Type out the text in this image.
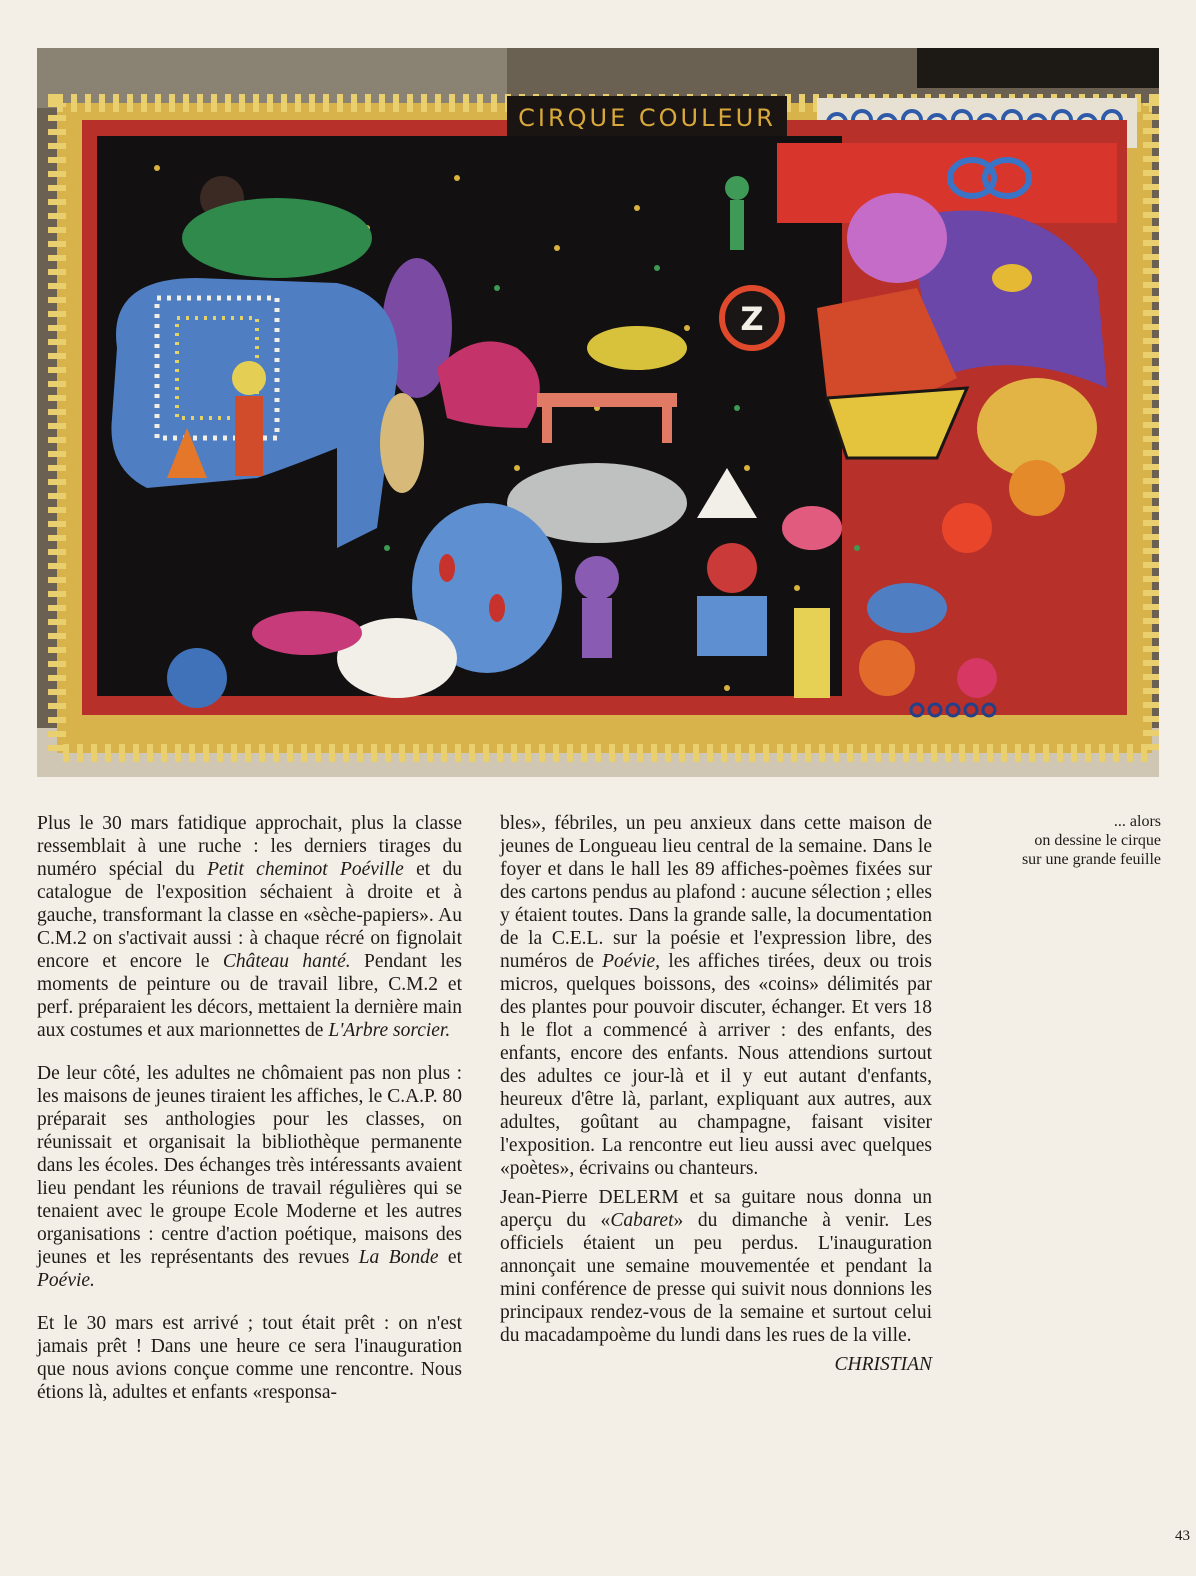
CIRQUE COULEUR
Z
... alors
on dessine le cirque
sur une grande feuille

Plus le 30 mars fatidique approchait, plus la classe ressemblait à une ruche : les derniers tirages du numéro spécial du Petit cheminot Poéville et du catalogue de l'exposition séchaient à droite et à gauche, transformant la classe en «sèche-papiers». Au C.M.2 on s'activait aussi : à chaque récré on fignolait encore et encore le Château hanté. Pendant les moments de peinture ou de travail libre, C.M.2 et perf. préparaient les décors, mettaient la dernière main aux costumes et aux marionnettes de L'Arbre sorcier.

De leur côté, les adultes ne chômaient pas non plus : les maisons de jeunes tiraient les affiches, le C.A.P. 80 préparait ses anthologies pour les classes, on réunissait et organisait la bibliothèque permanente dans les écoles. Des échanges très intéressants avaient lieu pendant les réunions de travail régulières qui se tenaient avec le groupe Ecole Moderne et les autres organisations : centre d'action poétique, maisons des jeunes et les représentants des revues La Bonde et Poévie.

Et le 30 mars est arrivé ; tout était prêt : on n'est jamais prêt ! Dans une heure ce sera l'inauguration que nous avions conçue comme une rencontre. Nous étions là, adultes et enfants «responsa-

bles», fébriles, un peu anxieux dans cette maison de jeunes de Longueau lieu central de la semaine. Dans le foyer et dans le hall les 89 affiches-poèmes fixées sur des cartons pendus au plafond : aucune sélection ; elles y étaient toutes. Dans la grande salle, la documentation de la C.E.L. sur la poésie et l'expression libre, des numéros de Poévie, les affiches tirées, deux ou trois micros, quelques boissons, des «coins» délimités par des plantes pour pouvoir discuter, échanger. Et vers 18 h le flot a commencé à arriver : des enfants, des enfants, encore des enfants. Nous attendions surtout des adultes ce jour-là et il y eut autant d'enfants, heureux d'être là, parlant, expliquant aux autres, aux adultes, goûtant au champagne, faisant visiter l'exposition. La rencontre eut lieu aussi avec quelques «poètes», écrivains ou chanteurs.

Jean-Pierre DELERM et sa guitare nous donna un aperçu du «Cabaret» du dimanche à venir. Les officiels étaient un peu perdus. L'inauguration annonçait une semaine mouvementée et pendant la mini conférence de presse qui suivit nous donnions les principaux rendez-vous de la semaine et surtout celui du macadampoème du lundi dans les rues de la ville.

CHRISTIAN
43
